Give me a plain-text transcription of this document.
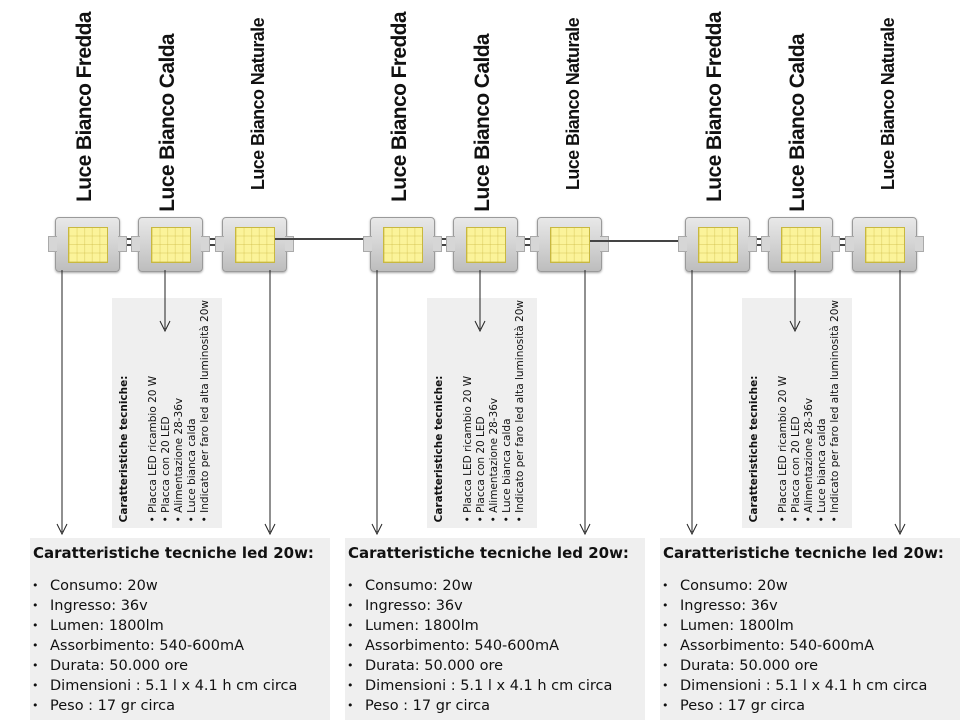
Luce Bianco Fredda	Luce Bianco Calda	Luce Bianco Naturale
Caratteristiche tecniche: • Placca LED ricambio 20 W • Placca con 20 LED • Alimentazione 28-36v • Luce bianca calda • Indicato per faro led alta luminosità 20w
Luce Bianco Fredda	Luce Bianco Calda	Luce Bianco Naturale
Caratteristiche tecniche: • Placca LED ricambio 20 W • Placca con 20 LED • Alimentazione 28-36v • Luce bianca calda • Indicato per faro led alta luminosità 20w
Luce Bianco Fredda	Luce Bianco Calda	Luce Bianco Naturale
Caratteristiche tecniche: • Placca LED ricambio 20 W • Placca con 20 LED • Alimentazione 28-36v • Luce bianca calda • Indicato per faro led alta luminosità 20w
Caratteristiche tecniche led 20w:
• Consumo: 20w
• Ingresso: 36v
• Lumen: 1800lm
• Assorbimento: 540-600mA
• Durata: 50.000 ore
• Dimensioni : 5.1 l x 4.1 h cm circa
• Peso : 17 gr circa
Caratteristiche tecniche led 20w:
• Consumo: 20w
• Ingresso: 36v
• Lumen: 1800lm
• Assorbimento: 540-600mA
• Durata: 50.000 ore
• Dimensioni : 5.1 l x 4.1 h cm circa
• Peso : 17 gr circa
Caratteristiche tecniche led 20w:
• Consumo: 20w
• Ingresso: 36v
• Lumen: 1800lm
• Assorbimento: 540-600mA
• Durata: 50.000 ore
• Dimensioni : 5.1 l x 4.1 h cm circa
• Peso : 17 gr circa
